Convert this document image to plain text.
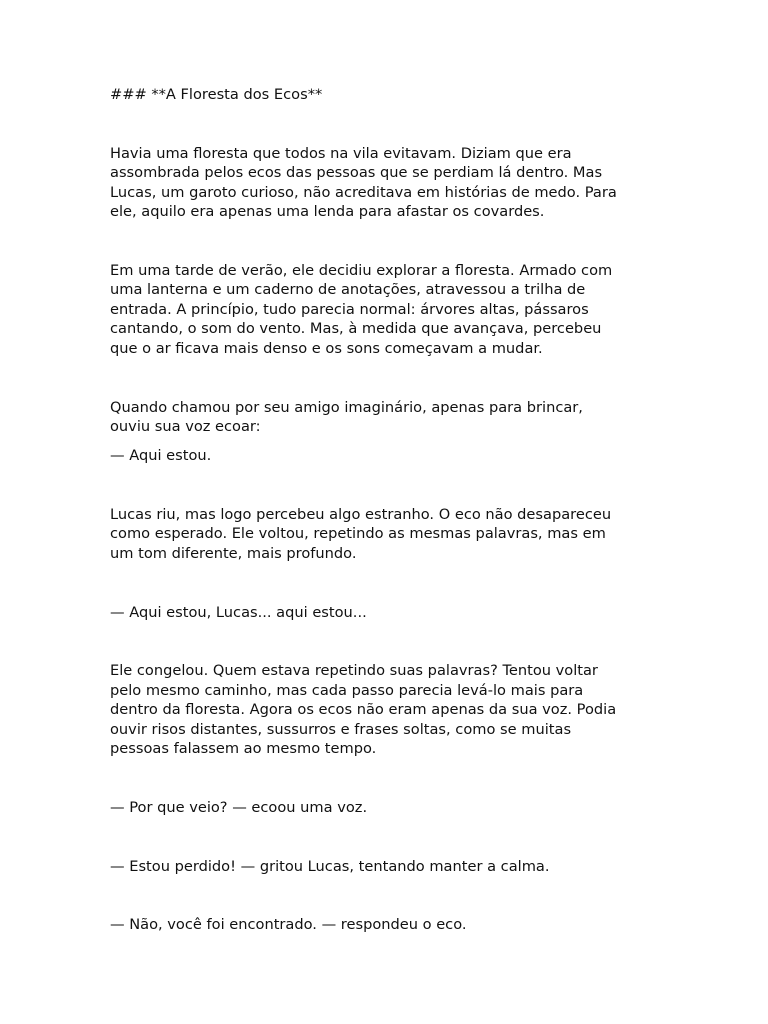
### **A Floresta dos Ecos**
Havia uma floresta que todos na vila evitavam. Diziam que era
assombrada pelos ecos das pessoas que se perdiam lá dentro. Mas
Lucas, um garoto curioso, não acreditava em histórias de medo. Para
ele, aquilo era apenas uma lenda para afastar os covardes.
Em uma tarde de verão, ele decidiu explorar a floresta. Armado com
uma lanterna e um caderno de anotações, atravessou a trilha de
entrada. A princípio, tudo parecia normal: árvores altas, pássaros
cantando, o som do vento. Mas, à medida que avançava, percebeu
que o ar ficava mais denso e os sons começavam a mudar.
Quando chamou por seu amigo imaginário, apenas para brincar,
ouviu sua voz ecoar:
— Aqui estou.
Lucas riu, mas logo percebeu algo estranho. O eco não desapareceu
como esperado. Ele voltou, repetindo as mesmas palavras, mas em
um tom diferente, mais profundo.
— Aqui estou, Lucas... aqui estou...
Ele congelou. Quem estava repetindo suas palavras? Tentou voltar
pelo mesmo caminho, mas cada passo parecia levá-lo mais para
dentro da floresta. Agora os ecos não eram apenas da sua voz. Podia
ouvir risos distantes, sussurros e frases soltas, como se muitas
pessoas falassem ao mesmo tempo.
— Por que veio? — ecoou uma voz.
— Estou perdido! — gritou Lucas, tentando manter a calma.
— Não, você foi encontrado. — respondeu o eco.
